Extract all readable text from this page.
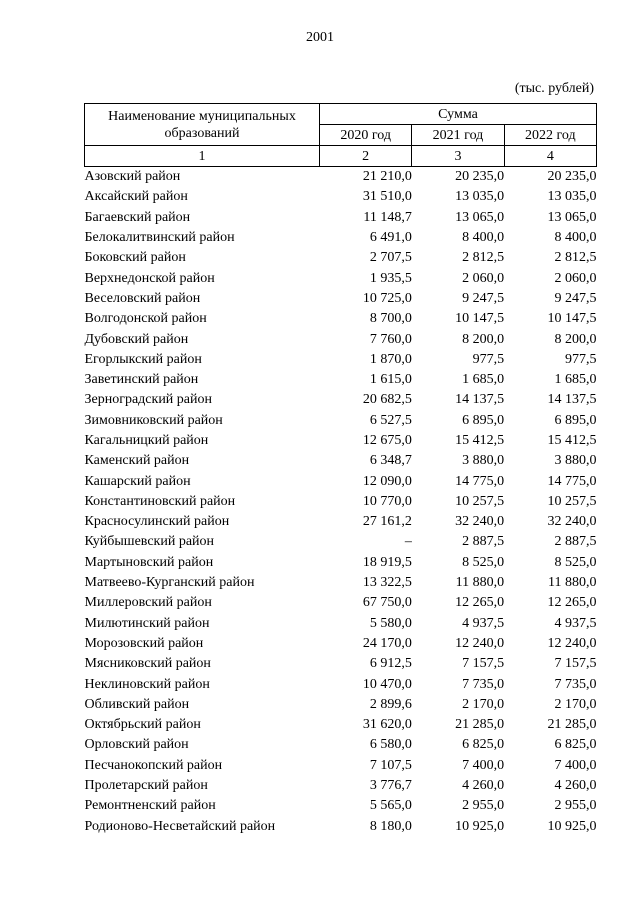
2001
(тыс. рублей)
Наименование муниципальных образований	Сумма		
	2020 год	2021 год	2022 год
1	2	3	4
Азовский район	21 210,0	20 235,0	20 235,0
Аксайский район	31 510,0	13 035,0	13 035,0
Багаевский район	11 148,7	13 065,0	13 065,0
Белокалитвинский район	6 491,0	8 400,0	8 400,0
Боковский район	2 707,5	2 812,5	2 812,5
Верхнедонской район	1 935,5	2 060,0	2 060,0
Веселовский район	10 725,0	9 247,5	9 247,5
Волгодонской район	8 700,0	10 147,5	10 147,5
Дубовский район	7 760,0	8 200,0	8 200,0
Егорлыкский район	1 870,0	977,5	977,5
Заветинский район	1 615,0	1 685,0	1 685,0
Зерноградский район	20 682,5	14 137,5	14 137,5
Зимовниковский район	6 527,5	6 895,0	6 895,0
Кагальницкий район	12 675,0	15 412,5	15 412,5
Каменский район	6 348,7	3 880,0	3 880,0
Кашарский район	12 090,0	14 775,0	14 775,0
Константиновский район	10 770,0	10 257,5	10 257,5
Красносулинский район	27 161,2	32 240,0	32 240,0
Куйбышевский район	–	2 887,5	2 887,5
Мартыновский район	18 919,5	8 525,0	8 525,0
Матвеево-Курганский район	13 322,5	11 880,0	11 880,0
Миллеровский район	67 750,0	12 265,0	12 265,0
Милютинский район	5 580,0	4 937,5	4 937,5
Морозовский район	24 170,0	12 240,0	12 240,0
Мясниковский район	6 912,5	7 157,5	7 157,5
Неклиновский район	10 470,0	7 735,0	7 735,0
Обливский район	2 899,6	2 170,0	2 170,0
Октябрьский район	31 620,0	21 285,0	21 285,0
Орловский район	6 580,0	6 825,0	6 825,0
Песчанокопский район	7 107,5	7 400,0	7 400,0
Пролетарский район	3 776,7	4 260,0	4 260,0
Ремонтненский район	5 565,0	2 955,0	2 955,0
Родионово-Несветайский район	8 180,0	10 925,0	10 925,0
